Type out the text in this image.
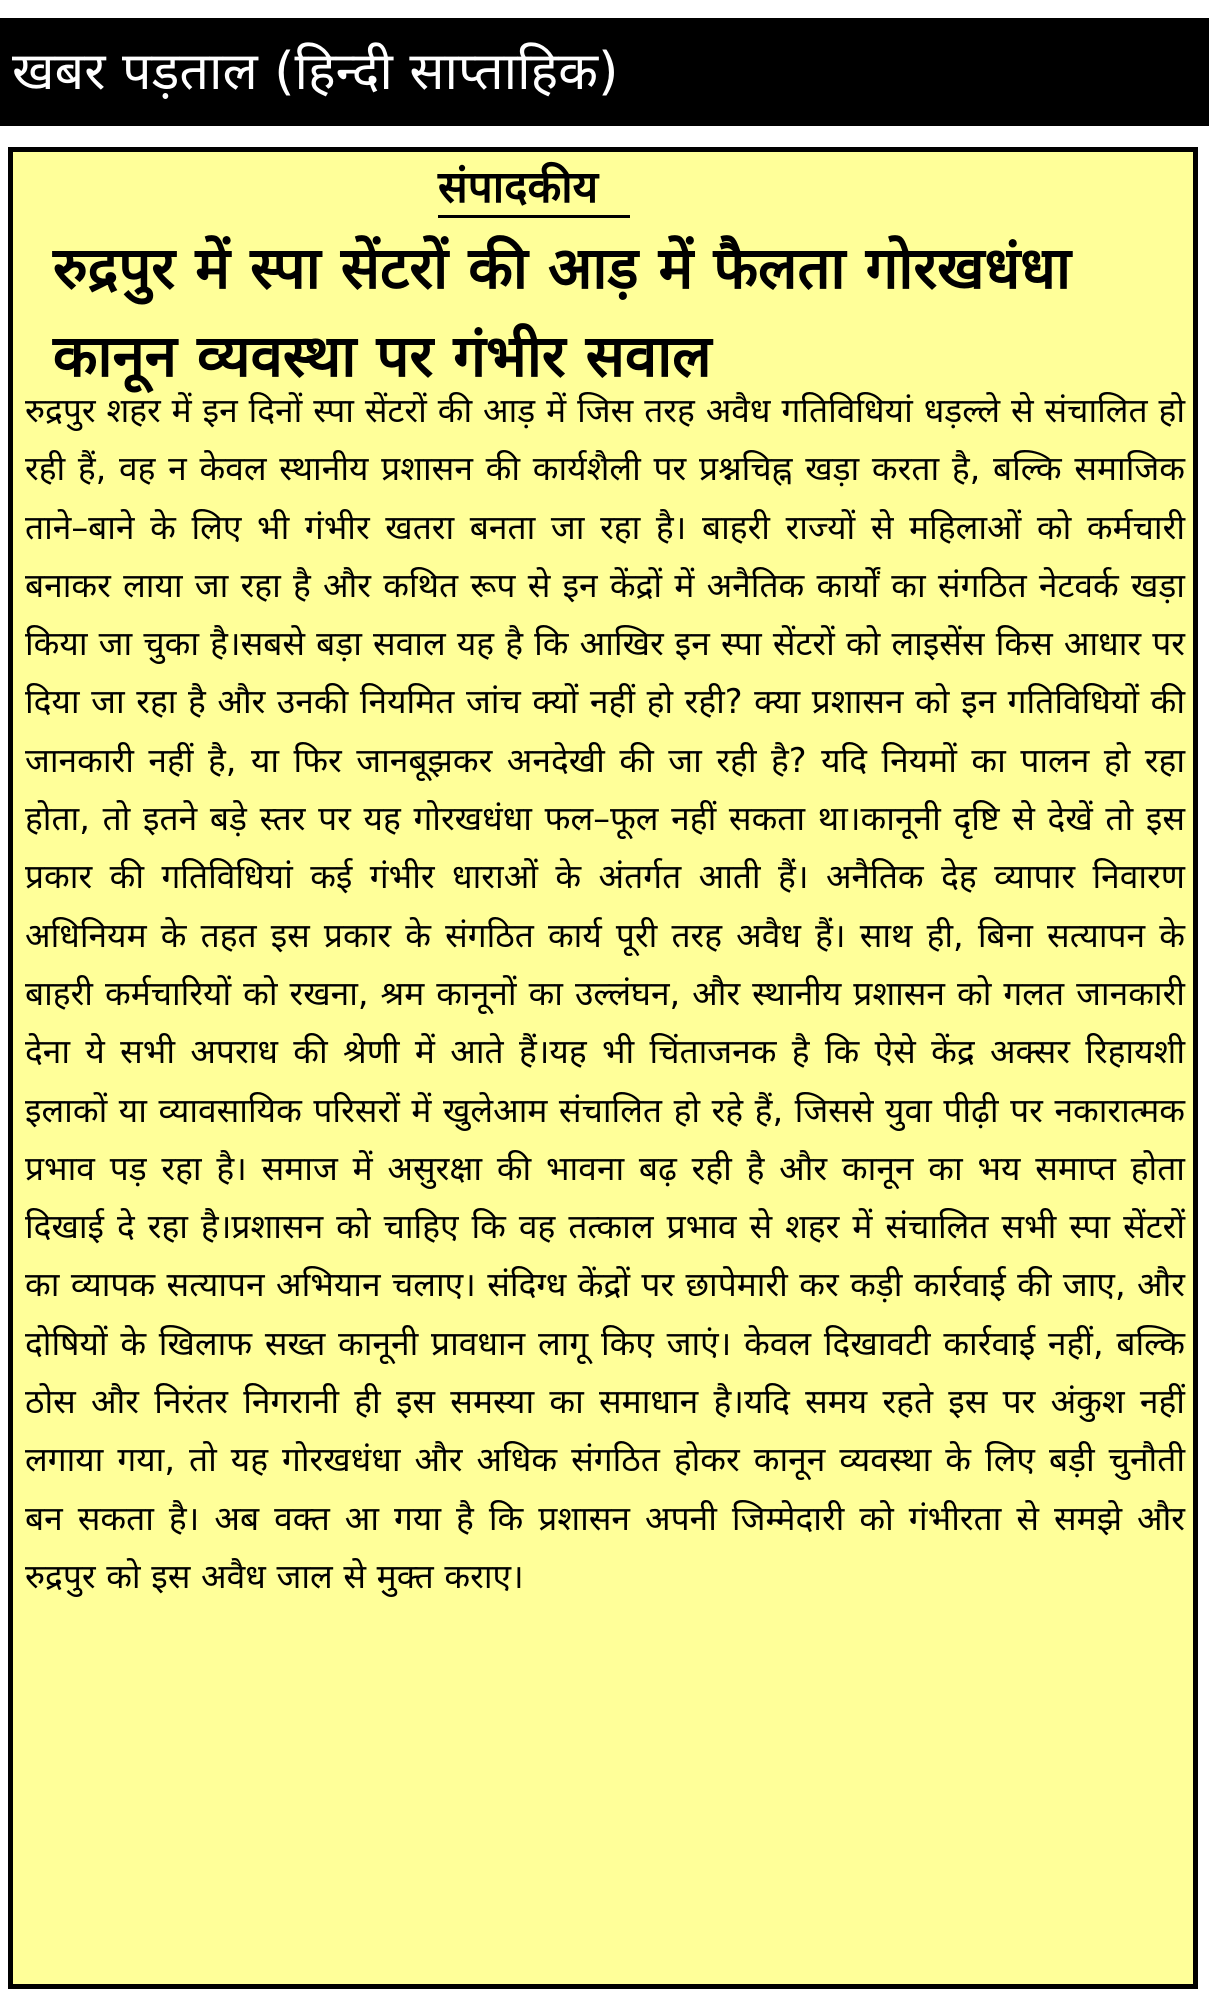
खबर पड़ताल (हिन्दी साप्ताहिक)
संपादकीय
रुद्रपुर में स्पा सेंटरों की आड़ में फैलता गोरखधंधा कानून व्यवस्था पर गंभीर सवाल

रुद्रपुर शहर में इन दिनों स्पा सेंटरों की आड़ में जिस तरह अवैध गतिविधियां धड़ल्ले से संचालित हो रही हैं, वह न केवल स्थानीय प्रशासन की कार्यशैली पर प्रश्नचिह्न खड़ा करता है, बल्कि समाजिक ताने–बाने के लिए भी गंभीर खतरा बनता जा रहा है। बाहरी राज्यों से महिलाओं को कर्मचारी बनाकर लाया जा रहा है और कथित रूप से इन केंद्रों में अनैतिक कार्यों का संगठित नेटवर्क खड़ा किया जा चुका है।सबसे बड़ा सवाल यह है कि आखिर इन स्पा सेंटरों को लाइसेंस किस आधार पर दिया जा रहा है और उनकी नियमित जांच क्यों नहीं हो रही? क्या प्रशासन को इन गतिविधियों की जानकारी नहीं है, या फिर जानबूझकर अनदेखी की जा रही है? यदि नियमों का पालन हो रहा होता, तो इतने बड़े स्तर पर यह गोरखधंधा फल–फूल नहीं सकता था।कानूनी दृष्टि से देखें तो इस प्रकार की गतिविधियां कई गंभीर धाराओं के अंतर्गत आती हैं। अनैतिक देह व्यापार निवारण अधिनियम के तहत इस प्रकार के संगठित कार्य पूरी तरह अवैध हैं। साथ ही, बिना सत्यापन के बाहरी कर्मचारियों को रखना, श्रम कानूनों का उल्लंघन, और स्थानीय प्रशासन को गलत जानकारी देना ये सभी अपराध की श्रेणी में आते हैं।यह भी चिंताजनक है कि ऐसे केंद्र अक्सर रिहायशी इलाकों या व्यावसायिक परिसरों में खुलेआम संचालित हो रहे हैं, जिससे युवा पीढ़ी पर नकारात्मक प्रभाव पड़ रहा है। समाज में असुरक्षा की भावना बढ़ रही है और कानून का भय समाप्त होता दिखाई दे रहा है।प्रशासन को चाहिए कि वह तत्काल प्रभाव से शहर में संचालित सभी स्पा सेंटरों का व्यापक सत्यापन अभियान चलाए। संदिग्ध केंद्रों पर छापेमारी कर कड़ी कार्रवाई की जाए, और दोषियों के खिलाफ सख्त कानूनी प्रावधान लागू किए जाएं। केवल दिखावटी कार्रवाई नहीं, बल्कि ठोस और निरंतर निगरानी ही इस समस्या का समाधान है।यदि समय रहते इस पर अंकुश नहीं लगाया गया, तो यह गोरखधंधा और अधिक संगठित होकर कानून व्यवस्था के लिए बड़ी चुनौती बन सकता है। अब वक्त आ गया है कि प्रशासन अपनी जिम्मेदारी को गंभीरता से समझे और रुद्रपुर को इस अवैध जाल से मुक्त कराए।
